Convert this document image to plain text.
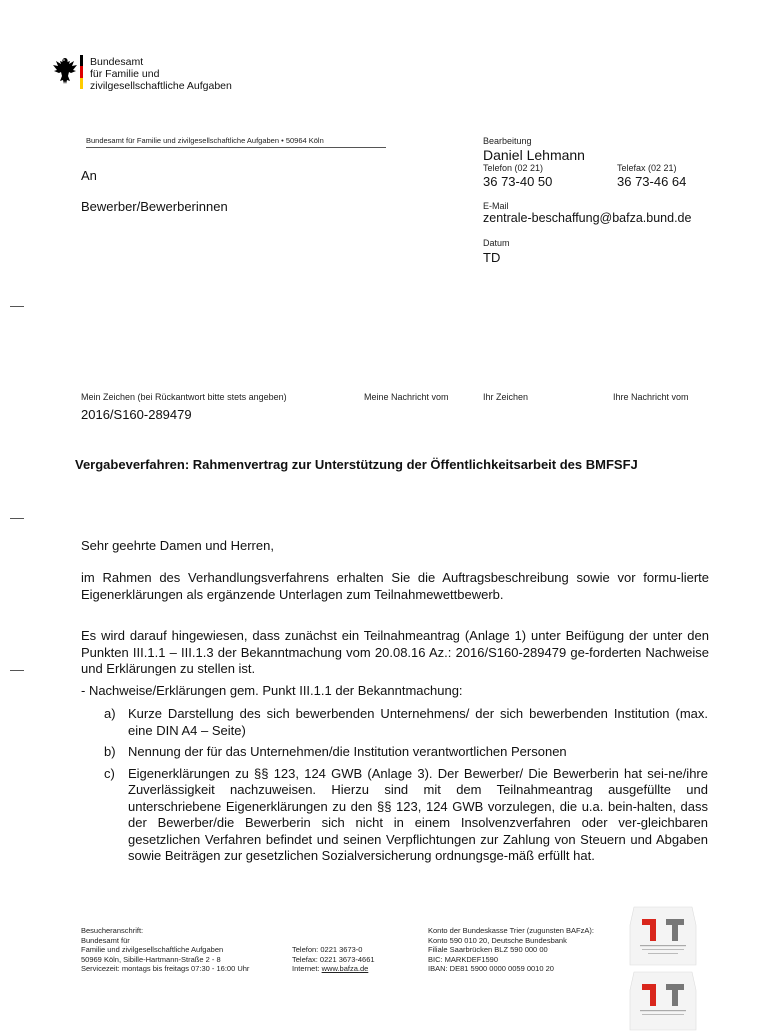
Bundesamt
für Familie und
zivilgesellschaftliche Aufgaben
Bundesamt für Familie und zivilgesellschaftliche Aufgaben • 50964 Köln
An
Bewerber/Bewerberinnen
Bearbeitung
Daniel Lehmann
Telefon (02 21)
36 73-40 50
Telefax (02 21)
36 73-46 64
E-Mail
zentrale-beschaffung@bafza.bund.de
Datum
TD
Mein Zeichen (bei Rückantwort bitte stets angeben)	Meine Nachricht vom	Ihr Zeichen	Ihre Nachricht vom
2016/S160-289479
Vergabeverfahren: Rahmenvertrag zur Unterstützung der Öffentlichkeitsarbeit des BMFSFJ
Sehr geehrte Damen und Herren,
im Rahmen des Verhandlungsverfahrens erhalten Sie die Auftragsbeschreibung sowie vor formu-lierte Eigenerklärungen als ergänzende Unterlagen zum Teilnahmewettbewerb.
Es wird darauf hingewiesen, dass zunächst ein Teilnahmeantrag (Anlage 1) unter Beifügung der unter den Punkten III.1.1 – III.1.3 der Bekanntmachung vom 20.08.16 Az.: 2016/S160-289479 ge-forderten Nachweise und Erklärungen zu stellen ist.
- Nachweise/Erklärungen gem. Punkt III.1.1 der Bekanntmachung:
a) Kurze Darstellung des sich bewerbenden Unternehmens/ der sich bewerbenden Institution (max. eine DIN A4 – Seite)
b) Nennung der für das Unternehmen/die Institution verantwortlichen Personen
c)	Eigenerklärungen zu §§ 123, 124 GWB (Anlage 3). Der Bewerber/ Die Bewerberin hat sei-ne/ihre Zuverlässigkeit nachzuweisen. Hierzu sind mit dem Teilnahmeantrag ausgefüllte und unterschriebene Eigenerklärungen zu den §§ 123, 124 GWB vorzulegen, die u.a. bein-halten, dass der Bewerber/die Bewerberin sich nicht in einem Insolvenzverfahren oder ver-gleichbaren gesetzlichen Verfahren befindet und seinen Verpflichtungen zur Zahlung von Steuern und Abgaben sowie Beiträgen zur gesetzlichen Sozialversicherung ordnungsge-mäß erfüllt hat.
Besucheranschrift:
Bundesamt für
Familie und zivilgesellschaftliche Aufgaben
50969 Köln, Sibille-Hartmann-Straße 2 - 8
Servicezeit: montags bis freitags 07:30 - 16:00 Uhr
Telefon: 0221 3673-0
Telefax: 0221 3673-4661
Internet: www.bafza.de
Konto der Bundeskasse Trier (zugunsten BAFzA):
Konto 590 010 20, Deutsche Bundesbank
Filiale Saarbrücken BLZ 590 000 00
BIC: MARKDEF1590
IBAN: DE81 5900 0000 0059 0010 20
